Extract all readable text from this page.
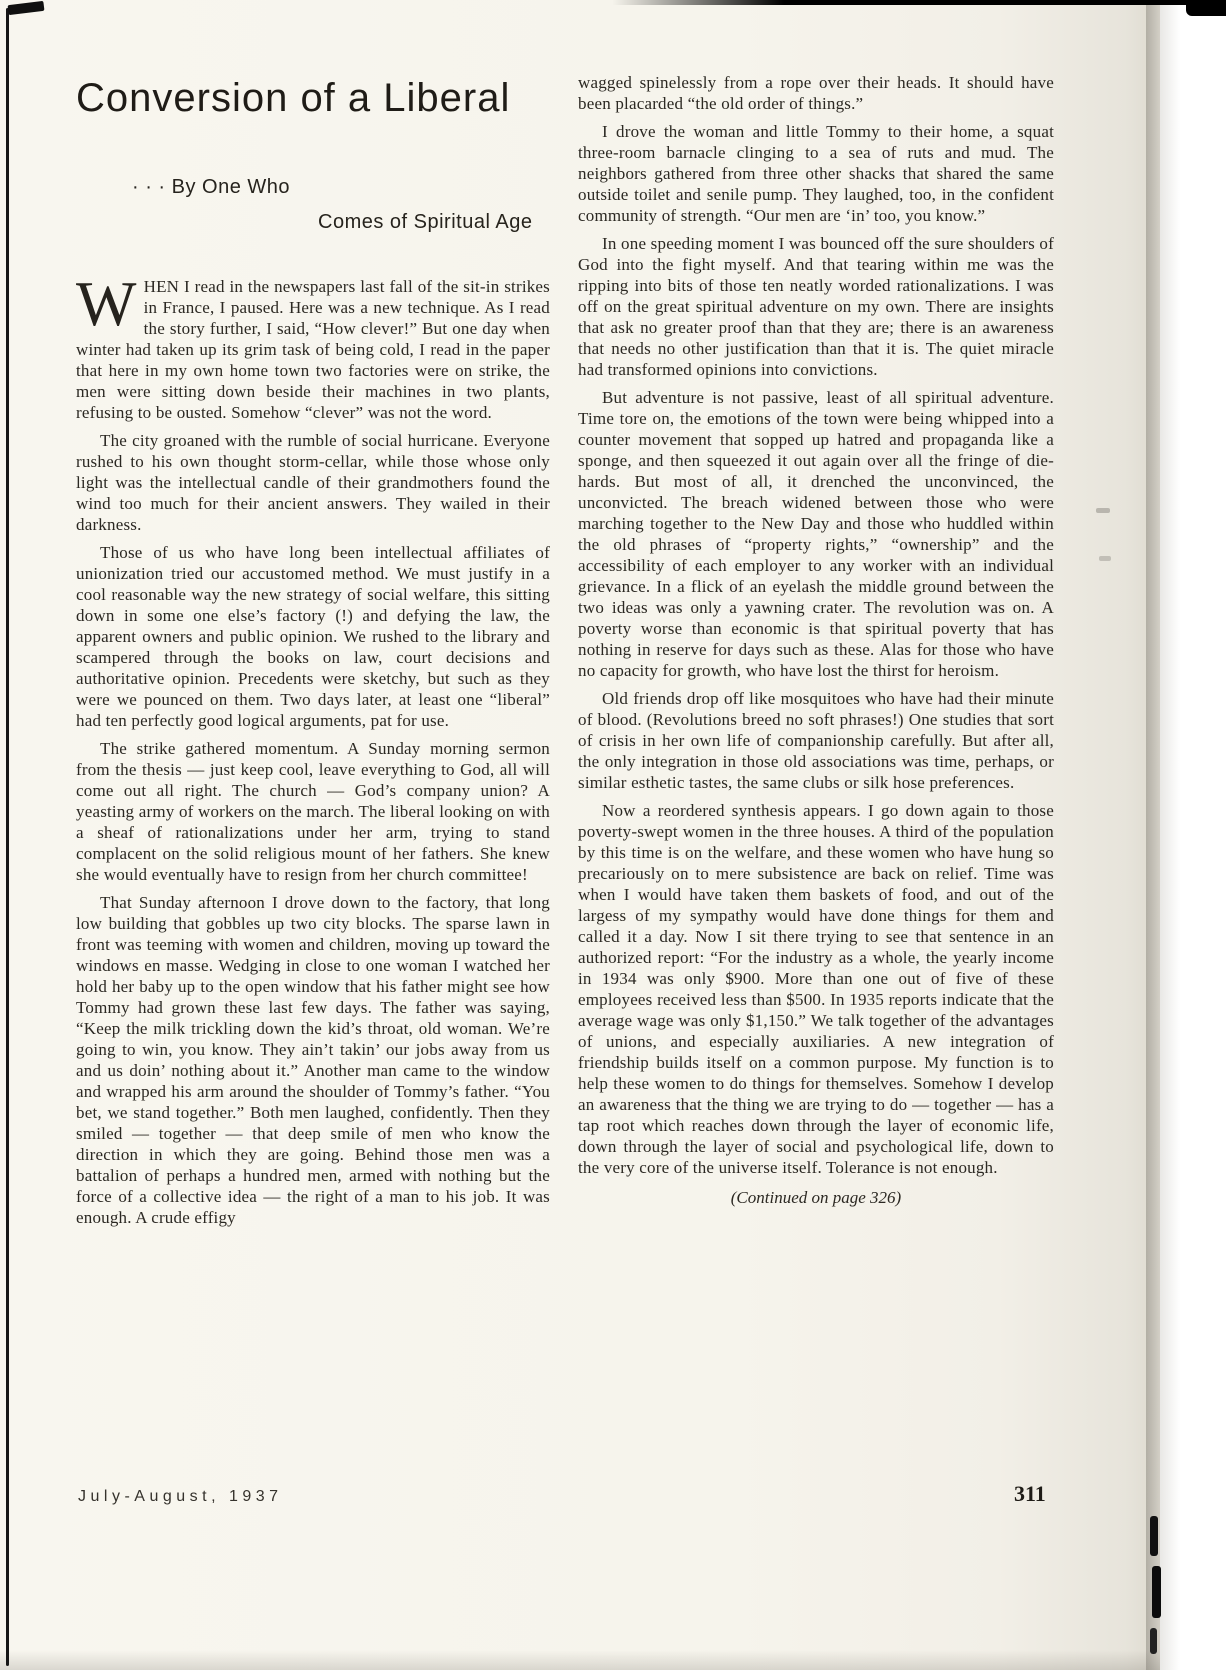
Conversion of a Liberal
· · · By One Who
Comes of Spiritual Age

WHEN I read in the newspapers last fall of the sit-in strikes in France, I paused. Here was a new technique. As I read the story further, I said, “How clever!” But one day when winter had taken up its grim task of being cold, I read in the paper that here in my own home town two factories were on strike, the men were sitting down beside their machines in two plants, refusing to be ousted. Somehow “clever” was not the word.

The city groaned with the rumble of social hurricane. Everyone rushed to his own thought storm-cellar, while those whose only light was the intellectual candle of their grandmothers found the wind too much for their ancient answers. They wailed in their darkness.

Those of us who have long been intellectual affiliates of unionization tried our accustomed method. We must justify in a cool reasonable way the new strategy of social welfare, this sitting down in some one else’s factory (!) and defying the law, the apparent owners and public opinion. We rushed to the library and scampered through the books on law, court decisions and authoritative opinion. Precedents were sketchy, but such as they were we pounced on them. Two days later, at least one “liberal” had ten perfectly good logical arguments, pat for use.

The strike gathered momentum. A Sunday morning sermon from the thesis — just keep cool, leave everything to God, all will come out all right. The church — God’s company union? A yeasting army of workers on the march. The liberal looking on with a sheaf of rationalizations under her arm, trying to stand complacent on the solid religious mount of her fathers. She knew she would eventually have to resign from her church committee!

That Sunday afternoon I drove down to the factory, that long low building that gobbles up two city blocks. The sparse lawn in front was teeming with women and children, moving up toward the windows en masse. Wedging in close to one woman I watched her hold her baby up to the open window that his father might see how Tommy had grown these last few days. The father was saying, “Keep the milk trickling down the kid’s throat, old woman. We’re going to win, you know. They ain’t takin’ our jobs away from us and us doin’ nothing about it.” Another man came to the window and wrapped his arm around the shoulder of Tommy’s father. “You bet, we stand together.” Both men laughed, confidently. Then they smiled — together — that deep smile of men who know the direction in which they are going. Behind those men was a battalion of perhaps a hundred men, armed with nothing but the force of a collective idea — the right of a man to his job. It was enough. A crude effigy

wagged spinelessly from a rope over their heads. It should have been placarded “the old order of things.”

I drove the woman and little Tommy to their home, a squat three-room barnacle clinging to a sea of ruts and mud. The neighbors gathered from three other shacks that shared the same outside toilet and senile pump. They laughed, too, in the confident community of strength. “Our men are ‘in’ too, you know.”

In one speeding moment I was bounced off the sure shoulders of God into the fight myself. And that tearing within me was the ripping into bits of those ten neatly worded rationalizations. I was off on the great spiritual adventure on my own. There are insights that ask no greater proof than that they are; there is an awareness that needs no other justification than that it is. The quiet miracle had transformed opinions into convictions.

But adventure is not passive, least of all spiritual adventure. Time tore on, the emotions of the town were being whipped into a counter movement that sopped up hatred and propaganda like a sponge, and then squeezed it out again over all the fringe of die-hards. But most of all, it drenched the unconvinced, the unconvicted. The breach widened between those who were marching together to the New Day and those who huddled within the old phrases of “property rights,” “ownership” and the accessibility of each employer to any worker with an individual grievance. In a flick of an eyelash the middle ground between the two ideas was only a yawning crater. The revolution was on. A poverty worse than economic is that spiritual poverty that has nothing in reserve for days such as these. Alas for those who have no capacity for growth, who have lost the thirst for heroism.

Old friends drop off like mosquitoes who have had their minute of blood. (Revolutions breed no soft phrases!) One studies that sort of crisis in her own life of companionship carefully. But after all, the only integration in those old associations was time, perhaps, or similar esthetic tastes, the same clubs or silk hose preferences.

Now a reordered synthesis appears. I go down again to those poverty-swept women in the three houses. A third of the population by this time is on the welfare, and these women who have hung so precariously on to mere subsistence are back on relief. Time was when I would have taken them baskets of food, and out of the largess of my sympathy would have done things for them and called it a day. Now I sit there trying to see that sentence in an authorized report: “For the industry as a whole, the yearly income in 1934 was only $900. More than one out of five of these employees received less than $500. In 1935 reports indicate that the average wage was only $1,150.” We talk together of the advantages of unions, and especially auxiliaries. A new integration of friendship builds itself on a common purpose. My function is to help these women to do things for themselves. Somehow I develop an awareness that the thing we are trying to do — together — has a tap root which reaches down through the layer of economic life, down through the layer of social and psychological life, down to the very core of the universe itself. Tolerance is not enough.

(Continued on page 326)

July-August, 1937	311
